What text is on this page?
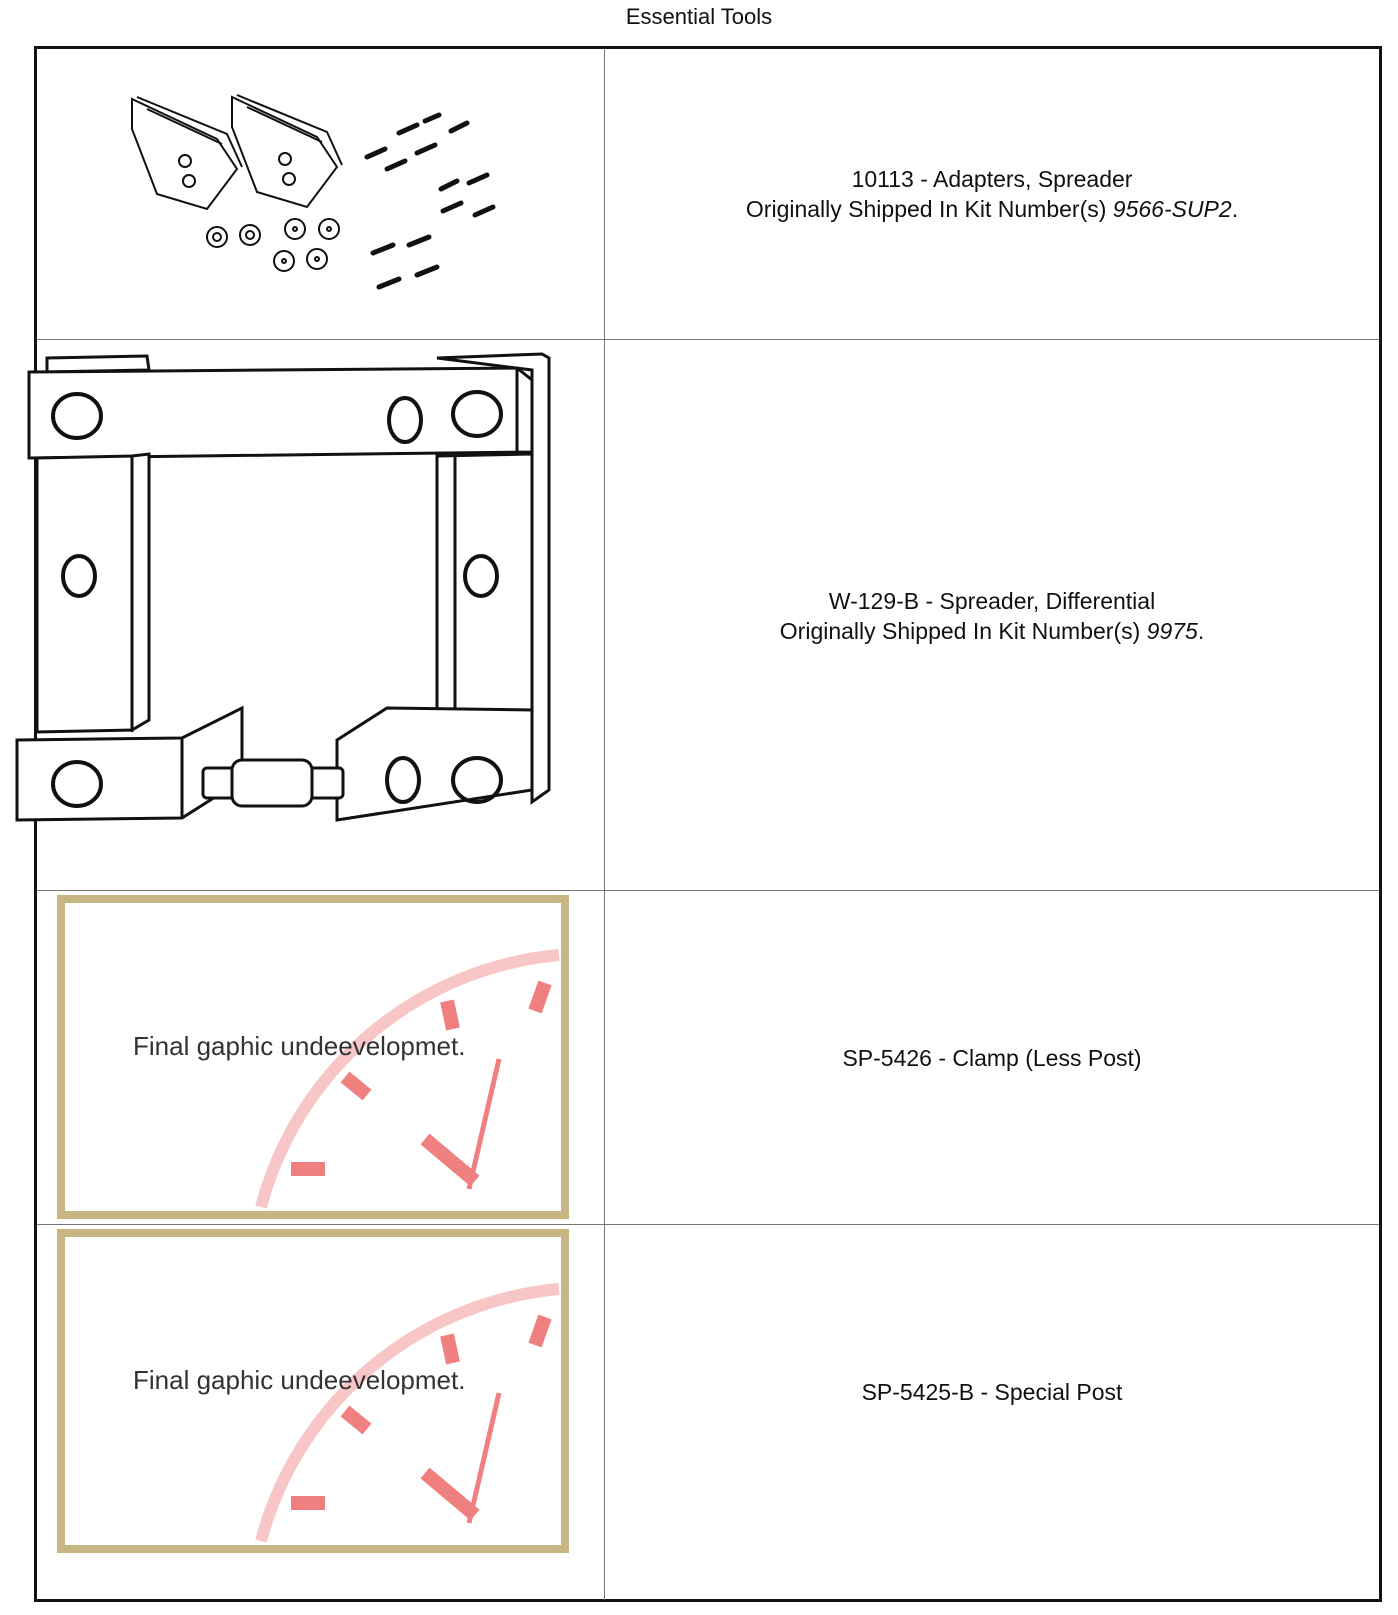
Essential Tools
10113 - Adapters, Spreader
Originally Shipped In Kit Number(s) 9566-SUP2.
W-129-B - Spreader, Differential
Originally Shipped In Kit Number(s) 9975.
Final gaphic undeevelopmet.	SP-5426 - Clamp (Less Post)
Final gaphic undeevelopmet.	SP-5425-B - Special Post
